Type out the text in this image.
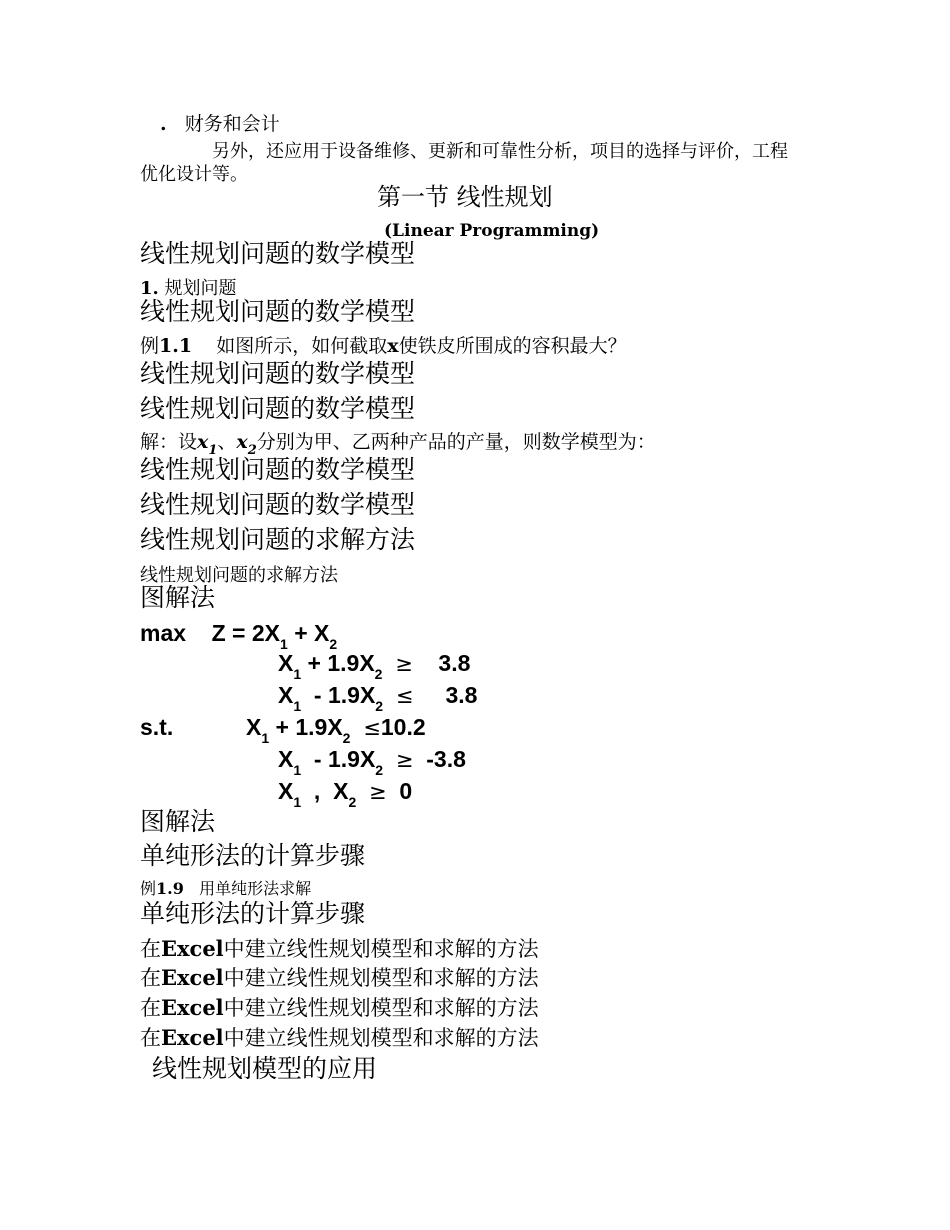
. 财务和会计
另外，还应用于设备维修、更新和可靠性分析，项目的选择与评价，工程
优化设计等。
第一节 线性规划
(Linear Programming)
线性规划问题的数学模型
1. 规划问题
线性规划问题的数学模型
例1.1 如图所示，如何截取x使铁皮所围成的容积最大？
线性规划问题的数学模型
线性规划问题的数学模型
解：设$x_1$、$x_2$分别为甲、乙两种产品的产量，则数学模型为：
线性规划问题的数学模型
线性规划问题的数学模型
线性规划问题的求解方法
线性规划问题的求解方法
图解法
$\max Z = 2X_1 + X_2$
$X_1 + 1.9X_2 \ge 3.8$
$X_1 - 1.9X_2 \le 3.8$
s.t.	$X_1 + 1.9X_2 \le 10.2$
$X_1 - 1.9X_2 \ge -3.8$
$X_1$  ,  $X_2 \ge 0$
图解法
单纯形法的计算步骤
例1.9 用单纯形法求解
单纯形法的计算步骤
在Excel中建立线性规划模型和求解的方法
在Excel中建立线性规划模型和求解的方法
在Excel中建立线性规划模型和求解的方法
在Excel中建立线性规划模型和求解的方法
线性规划模型的应用
